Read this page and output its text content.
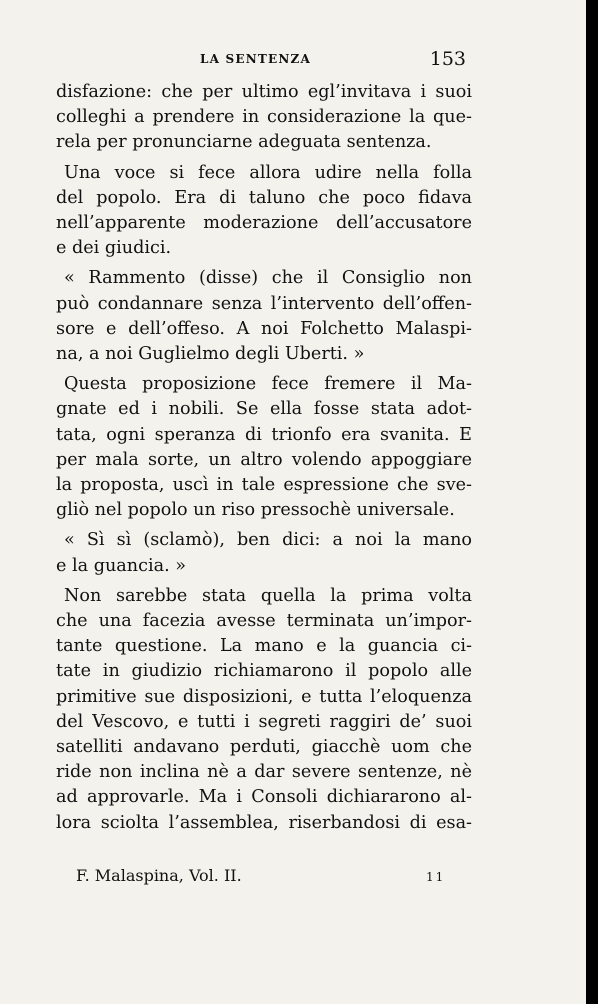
LA SENTENZA	153
disfazione: che per ultimo egl’invitava i suoi
colleghi a prendere in considerazione la que-
rela per pronunciarne adeguata sentenza.
Una voce si fece allora udire nella folla
del popolo. Era di taluno che poco fidava
nell’apparente moderazione dell’accusatore
e dei giudici.
« Rammento (disse) che il Consiglio non
può condannare senza l’intervento dell’offen-
sore e dell’offeso. A noi Folchetto Malaspi-
na, a noi Guglielmo degli Uberti. »
Questa proposizione fece fremere il Ma-
gnate ed i nobili. Se ella fosse stata adot-
tata, ogni speranza di trionfo era svanita. E
per mala sorte, un altro volendo appoggiare
la proposta, uscì in tale espressione che sve-
gliò nel popolo un riso pressochè universale.
« Sì sì (sclamò), ben dici: a noi la mano
e la guancia. »
Non sarebbe stata quella la prima volta
che una facezia avesse terminata un’impor-
tante questione. La mano e la guancia ci-
tate in giudizio richiamarono il popolo alle
primitive sue disposizioni, e tutta l’eloquenza
del Vescovo, e tutti i segreti raggiri de’ suoi
satelliti andavano perduti, giacchè uom che
ride non inclina nè a dar severe sentenze, nè
ad approvarle. Ma i Consoli dichiararono al-
lora sciolta l’assemblea, riserbandosi di esa-
F. Malaspina, Vol. II.	11
